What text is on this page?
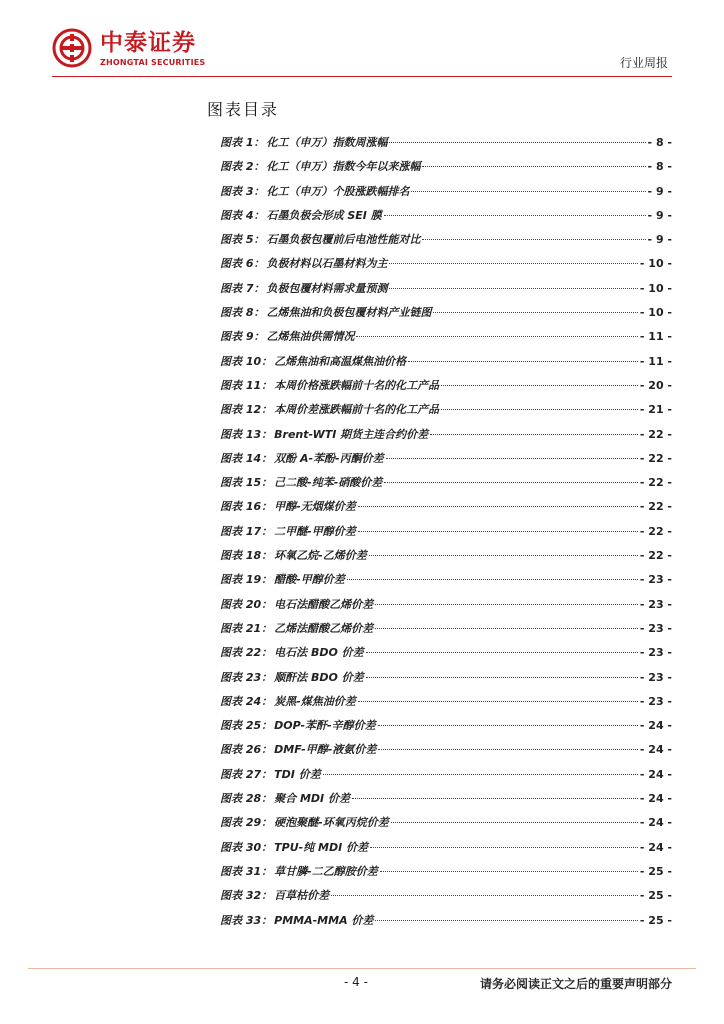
中泰证券
ZHONGTAI SECURITIES	行业周报
图表目录
图表 1： 化工（申万）指数周涨幅	- 8 -
图表 2： 化工（申万）指数今年以来涨幅	- 8 -
图表 3： 化工（申万）个股涨跌幅排名	- 9 -
图表 4： 石墨负极会形成 SEI 膜	- 9 -
图表 5： 石墨负极包覆前后电池性能对比	- 9 -
图表 6： 负极材料以石墨材料为主	- 10 -
图表 7： 负极包覆材料需求量预测	- 10 -
图表 8： 乙烯焦油和负极包覆材料产业链图	- 10 -
图表 9： 乙烯焦油供需情况	- 11 -
图表 10： 乙烯焦油和高温煤焦油价格	- 11 -
图表 11： 本周价格涨跌幅前十名的化工产品	- 20 -
图表 12： 本周价差涨跌幅前十名的化工产品	- 21 -
图表 13： Brent-WTI 期货主连合约价差	- 22 -
图表 14： 双酚 A-苯酚-丙酮价差	- 22 -
图表 15： 己二酸-纯苯-硝酸价差	- 22 -
图表 16： 甲醇-无烟煤价差	- 22 -
图表 17： 二甲醚-甲醇价差	- 22 -
图表 18： 环氧乙烷-乙烯价差	- 22 -
图表 19： 醋酸-甲醇价差	- 23 -
图表 20： 电石法醋酸乙烯价差	- 23 -
图表 21： 乙烯法醋酸乙烯价差	- 23 -
图表 22： 电石法 BDO 价差	- 23 -
图表 23： 顺酐法 BDO 价差	- 23 -
图表 24： 炭黑-煤焦油价差	- 23 -
图表 25： DOP-苯酐-辛醇价差	- 24 -
图表 26： DMF-甲醇-液氨价差	- 24 -
图表 27： TDI 价差	- 24 -
图表 28： 聚合 MDI 价差	- 24 -
图表 29： 硬泡聚醚-环氧丙烷价差	- 24 -
图表 30： TPU-纯 MDI 价差	- 24 -
图表 31： 草甘膦-二乙醇胺价差	- 25 -
图表 32： 百草枯价差	- 25 -
图表 33： PMMA-MMA 价差	- 25 -
- 4 -	请务必阅读正文之后的重要声明部分
